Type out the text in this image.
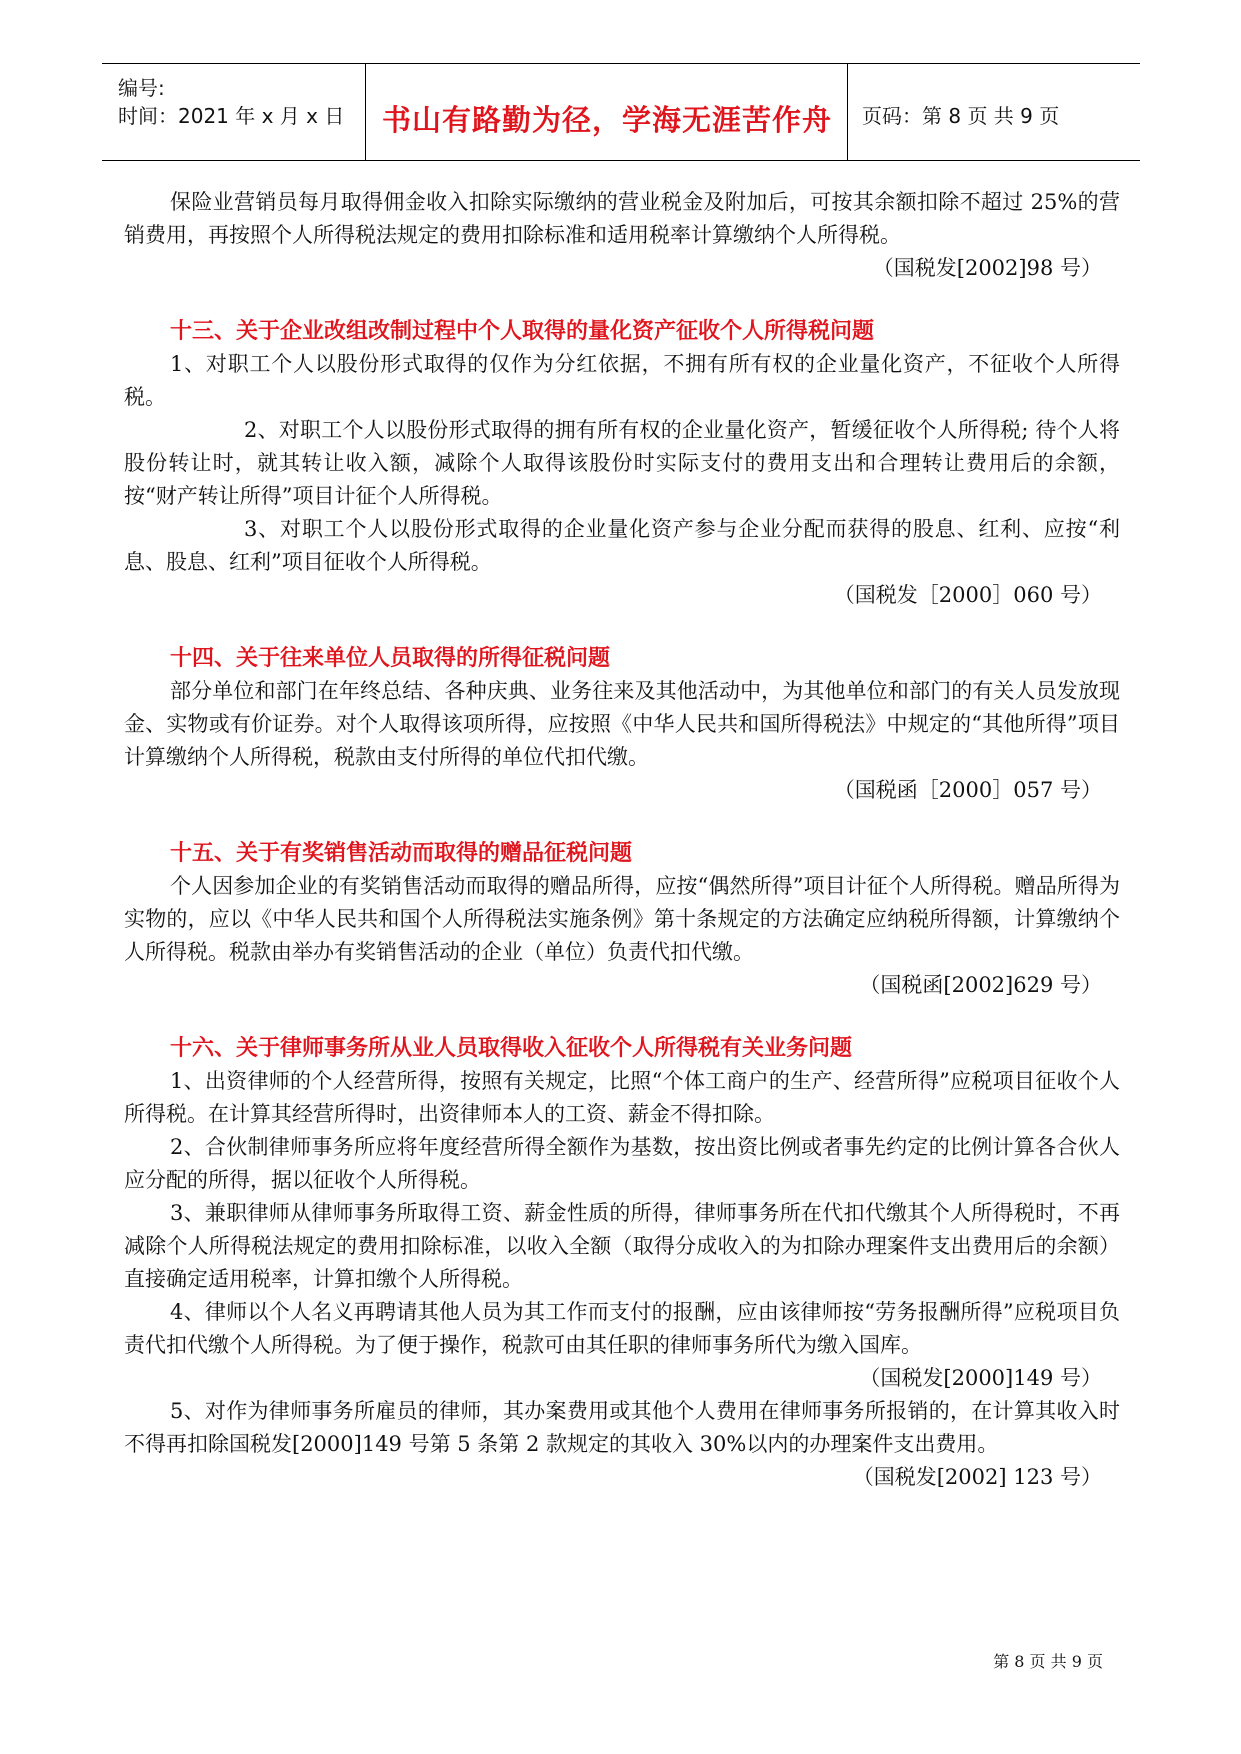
编号:
时间：2021 年 x 月 x 日	书山有路勤为径，学海无涯苦作舟	页码：第 8 页 共 9 页

保险业营销员每月取得佣金收入扣除实际缴纳的营业税金及附加后，可按其余额扣除不超过 25%的营销费用，再按照个人所得税法规定的费用扣除标准和适用税率计算缴纳个人所得税。

（国税发[2002]98 号）

十三、关于企业改组改制过程中个人取得的量化资产征收个人所得税问题

1、对职工个人以股份形式取得的仅作为分红依据，不拥有所有权的企业量化资产，不征收个人所得税。

2、对职工个人以股份形式取得的拥有所有权的企业量化资产，暂缓征收个人所得税; 待个人将股份转让时，就其转让收入额，减除个人取得该股份时实际支付的费用支出和合理转让费用后的余额，按“财产转让所得”项目计征个人所得税。

3、对职工个人以股份形式取得的企业量化资产参与企业分配而获得的股息、红利、应按“利息、股息、红利”项目征收个人所得税。

（国税发［2000］060 号）

十四、关于往来单位人员取得的所得征税问题

部分单位和部门在年终总结、各种庆典、业务往来及其他活动中，为其他单位和部门的有关人员发放现金、实物或有价证券。对个人取得该项所得，应按照《中华人民共和国所得税法》中规定的“其他所得”项目计算缴纳个人所得税，税款由支付所得的单位代扣代缴。

（国税函［2000］057 号）

十五、关于有奖销售活动而取得的赠品征税问题

个人因参加企业的有奖销售活动而取得的赠品所得，应按“偶然所得”项目计征个人所得税。赠品所得为实物的，应以《中华人民共和国个人所得税法实施条例》第十条规定的方法确定应纳税所得额，计算缴纳个人所得税。税款由举办有奖销售活动的企业（单位）负责代扣代缴。

（国税函[2002]629 号）

十六、关于律师事务所从业人员取得收入征收个人所得税有关业务问题

1、出资律师的个人经营所得，按照有关规定，比照“个体工商户的生产、经营所得”应税项目征收个人所得税。在计算其经营所得时，出资律师本人的工资、薪金不得扣除。

2、合伙制律师事务所应将年度经营所得全额作为基数，按出资比例或者事先约定的比例计算各合伙人应分配的所得，据以征收个人所得税。

3、兼职律师从律师事务所取得工资、薪金性质的所得，律师事务所在代扣代缴其个人所得税时，不再减除个人所得税法规定的费用扣除标准，以收入全额（取得分成收入的为扣除办理案件支出费用后的余额）直接确定适用税率，计算扣缴个人所得税。

4、律师以个人名义再聘请其他人员为其工作而支付的报酬，应由该律师按“劳务报酬所得”应税项目负责代扣代缴个人所得税。为了便于操作，税款可由其任职的律师事务所代为缴入国库。

（国税发[2000]149 号）

5、对作为律师事务所雇员的律师，其办案费用或其他个人费用在律师事务所报销的，在计算其收入时不得再扣除国税发[2000]149 号第 5 条第 2 款规定的其收入 30%以内的办理案件支出费用。

（国税发[2002] 123 号）

第 8 页 共 9 页
